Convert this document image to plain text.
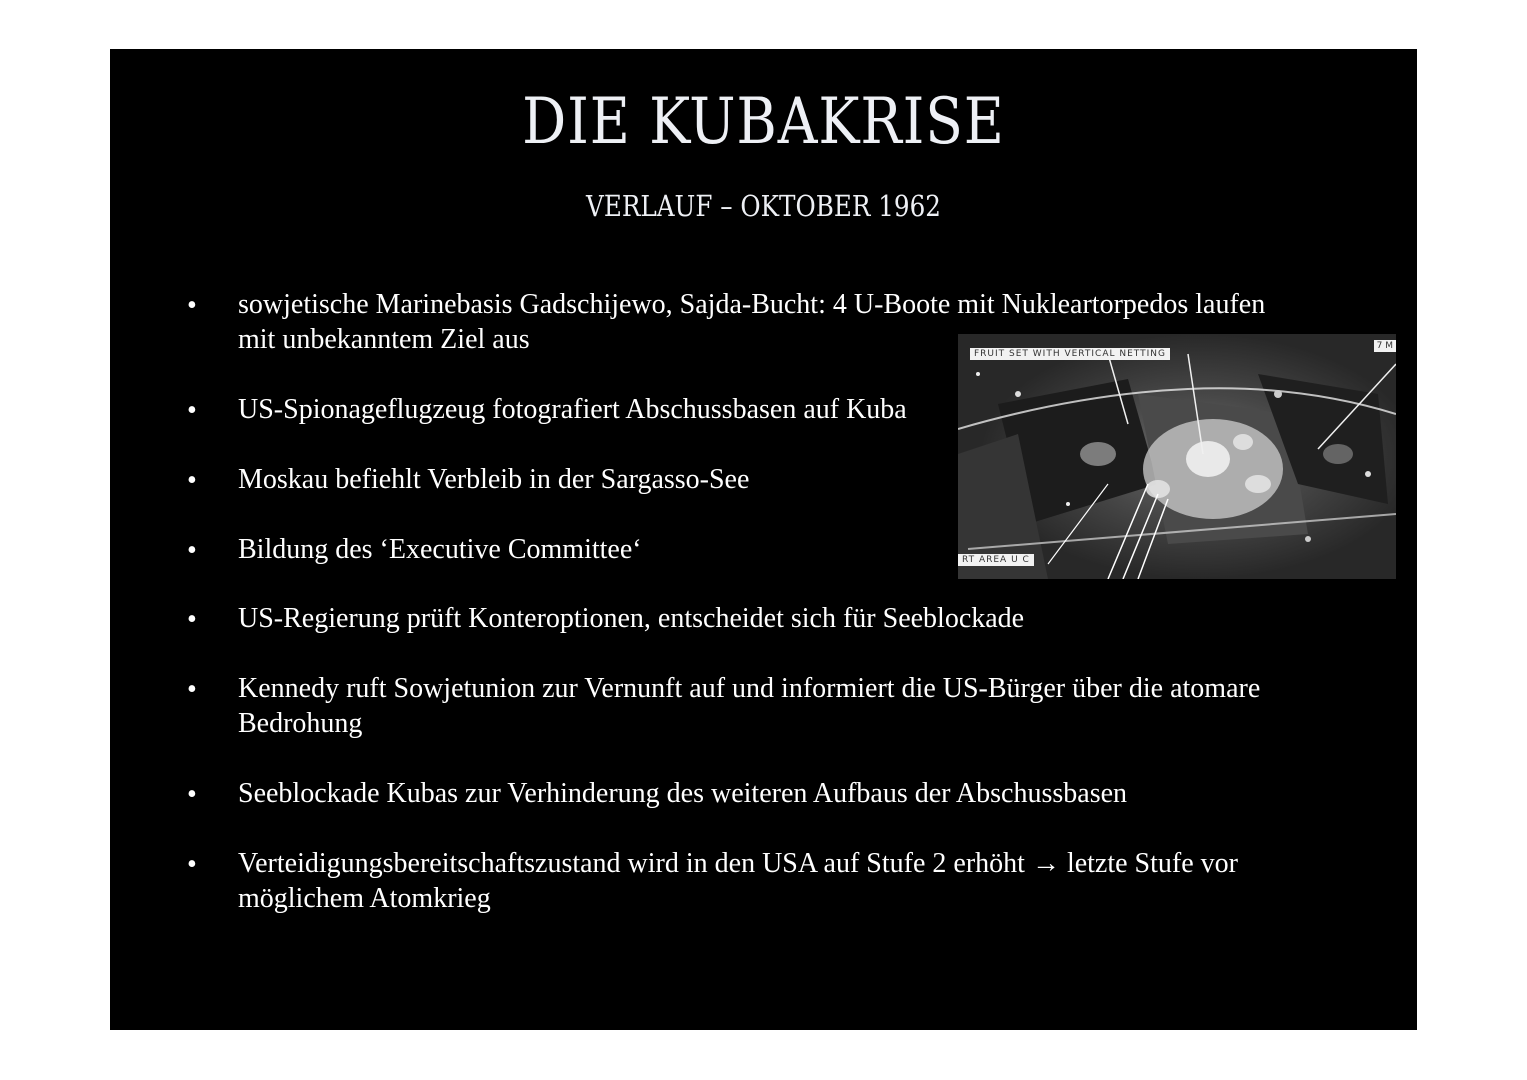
DIE KUBAKRISE
VERLAUF – OKTOBER 1962
• sowjetische Marinebasis Gadschijewo, Sajda-Bucht: 4 U-Boote mit Nukleartorpedos laufen
mit unbekanntem Ziel aus

• US-Spionageflugzeug fotografiert Abschussbasen auf Kuba

• Moskau befiehlt Verbleib in der Sargasso-See

• Bildung des ‘Executive Committee‘

• US-Regierung prüft Konteroptionen, entscheidet sich für Seeblockade

• Kennedy ruft Sowjetunion zur Vernunft auf und informiert die US-Bürger über die atomare
Bedrohung

• Seeblockade Kubas zur Verhinderung des weiteren Aufbaus der Abschussbasen

• Verteidigungsbereitschaftszustand wird in den USA auf Stufe 2 erhöht → letzte Stufe vor
möglichem Atomkrieg

FRUIT SET WITH VERTICAL NETTING
7 M
RT AREA U C
